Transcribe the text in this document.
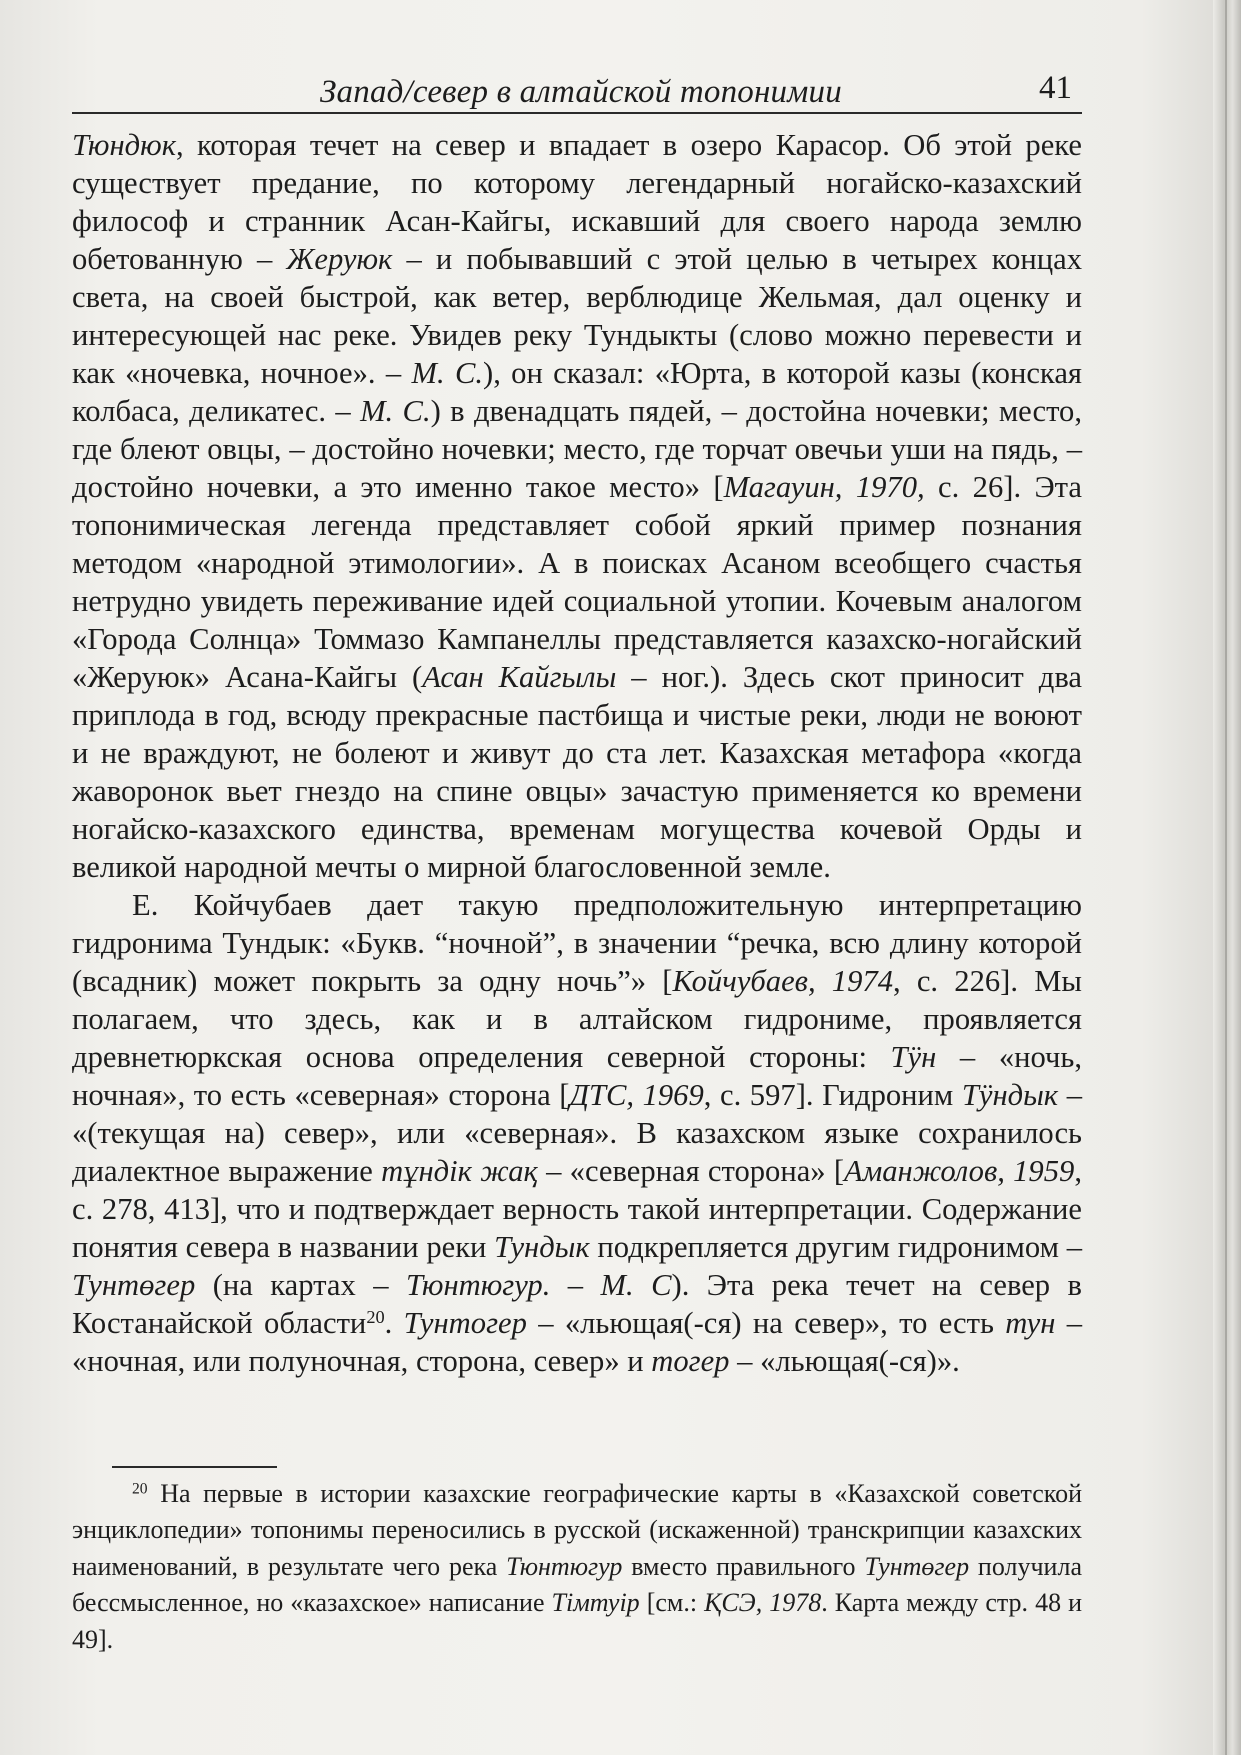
Запад/север в алтайской топонимии	41

Тюндюк, которая течет на север и впадает в озеро Карасор. Об этой реке существует предание, по которому легендарный ногайско-казахский философ и странник Асан-Кайгы, искавший для своего народа землю обетованную – Жеруюк – и побывавший с этой целью в четырех концах света, на своей быстрой, как ветер, верблюдице Жельмая, дал оценку и интересующей нас реке. Увидев реку Тундыкты (слово можно перевести и как «ночевка, ночное». – М. С.), он сказал: «Юрта, в которой казы (конская колбаса, деликатес. – М. С.) в двенадцать пядей, – достойна ночевки; место, где блеют овцы, – достойно ночевки; место, где торчат овечьи уши на пядь, – достойно ночевки, а это именно такое место» [Магауин, 1970, с. 26]. Эта топонимическая легенда представляет собой яркий пример познания методом «народной этимологии». А в поисках Асаном всеобщего счастья нетрудно увидеть переживание идей социальной утопии. Кочевым аналогом «Города Солнца» Томмазо Кампанеллы представляется казахско-ногайский «Жеруюк» Асана-Кайгы (Асан Кайгылы – ног.). Здесь скот приносит два приплода в год, всюду прекрасные пастбища и чистые реки, люди не воюют и не враждуют, не болеют и живут до ста лет. Казахская метафора «когда жаворонок вьет гнездо на спине овцы» зачастую применяется ко времени ногайско-казахского единства, временам могущества кочевой Орды и великой народной мечты о мирной благословенной земле.

Е. Койчубаев дает такую предположительную интерпретацию гидронима Тундык: «Букв. “ночной”, в значении “речка, всю длину которой (всадник) может покрыть за одну ночь”» [Койчубаев, 1974, с. 226]. Мы полагаем, что здесь, как и в алтайском гидрониме, проявляется древнетюркская основа определения северной стороны: Тӱн – «ночь, ночная», то есть «северная» сторона [ДТС, 1969, с. 597]. Гидроним Тӱндык – «(текущая на) север», или «северная». В казахском языке сохранилось диалектное выражение тұндік жақ – «северная сторона» [Аманжолов, 1959, с. 278, 413], что и подтверждает верность такой интерпретации. Содержание понятия севера в названии реки Тундык подкрепляется другим гидронимом – Тунтөгер (на картах – Тюнтюгур. – М. С). Эта река течет на север в Костанайской области$^{20}$. Тунтогер – «льющая(-ся) на север», то есть тун – «ночная, или полуночная, сторона, север» и тогер – «льющая(-ся)».

$^{20}$ На первые в истории казахские географические карты в «Казахской советской энциклопедии» топонимы переносились в русской (искаженной) транскрипции казахских наименований, в результате чего река Тюнтюгур вместо правильного Тунтөгер получила бессмысленное, но «казахское» написание Тімтуір [см.: ҚСЭ, 1978. Карта между стр. 48 и 49].
